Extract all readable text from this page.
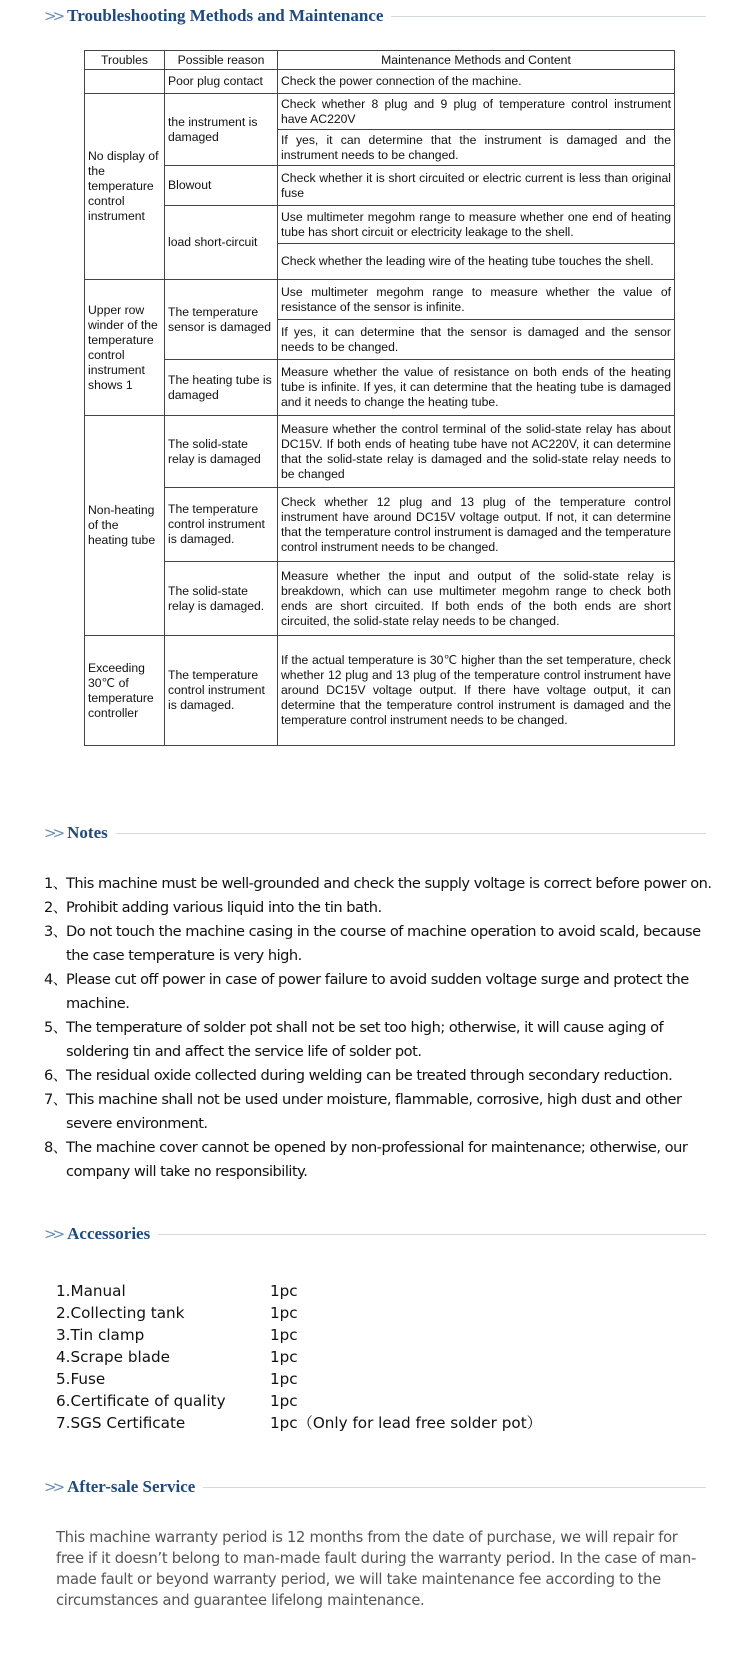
>> Troubleshooting Methods and Maintenance
Troubles	Possible reason	Maintenance Methods and Content
	Poor plug contact	Check the power connection of the machine.
No display of the temperature control instrument	the instrument is damaged	Check whether 8 plug and 9 plug of temperature control instrument have AC220V
		If yes, it can determine that the instrument is damaged and the instrument needs to be changed.
	Blowout	Check whether it is short circuited or electric current is less than original fuse
	load short-circuit	Use multimeter megohm range to measure whether one end of heating tube has short circuit or electricity leakage to the shell.
		Check whether the leading wire of the heating tube touches the shell.
Upper row winder of the temperature control instrument shows 1	The temperature sensor is damaged	Use multimeter megohm range to measure whether the value of resistance of the sensor is infinite.
		If yes, it can determine that the sensor is damaged and the sensor needs to be changed.
	The heating tube is damaged	Measure whether the value of resistance on both ends of the heating tube is infinite. If yes, it can determine that the heating tube is damaged and it needs to change the heating tube.
Non-heating of the heating tube	The solid-state relay is damaged	Measure whether the control terminal of the solid-state relay has about DC15V. If both ends of heating tube have not AC220V, it can determine that the solid-state relay is damaged and the solid-state relay needs to be changed
	The temperature control instrument is damaged.	Check whether 12 plug and 13 plug of the temperature control instrument have around DC15V voltage output. If not, it can determine that the temperature control instrument is damaged and the temperature control instrument needs to be changed.
	The solid-state relay is damaged.	Measure whether the input and output of the solid-state relay is breakdown, which can use multimeter megohm range to check both ends are short circuited. If both ends of the both ends are short circuited, the solid-state relay needs to be changed.
Exceeding 30℃ of temperature controller	The temperature control instrument is damaged.	If the actual temperature is 30℃ higher than the set temperature, check whether 12 plug and 13 plug of the temperature control instrument have around DC15V voltage output. If there have voltage output, it can determine that the temperature control instrument is damaged and the temperature control instrument needs to be changed.
>> Notes
1、 This machine must be well-grounded and check the supply voltage is correct before power on.
2、 Prohibit adding various liquid into the tin bath.
3、 Do not touch the machine casing in the course of machine operation to avoid scald, because the case temperature is very high.
4、 Please cut off power in case of power failure to avoid sudden voltage surge and protect the machine.
5、 The temperature of solder pot shall not be set too high; otherwise, it will cause aging of soldering tin and affect the service life of solder pot.
6、 The residual oxide collected during welding can be treated through secondary reduction.
7、 This machine shall not be used under moisture, flammable, corrosive, high dust and other severe environment.
8、 The machine cover cannot be opened by non-professional for maintenance; otherwise, our company will take no responsibility.
>> Accessories
1.Manual	1pc
2.Collecting tank	1pc
3.Tin clamp	1pc
4.Scrape blade	1pc
5.Fuse	1pc
6.Certificate of quality	1pc
7.SGS Certificate	1pc（Only for lead free solder pot）
>> After-sale Service
This machine warranty period is 12 months from the date of purchase, we will repair for free if it doesn’t belong to man-made fault during the warranty period. In the case of man-made fault or beyond warranty period, we will take maintenance fee according to the circumstances and guarantee lifelong maintenance.
